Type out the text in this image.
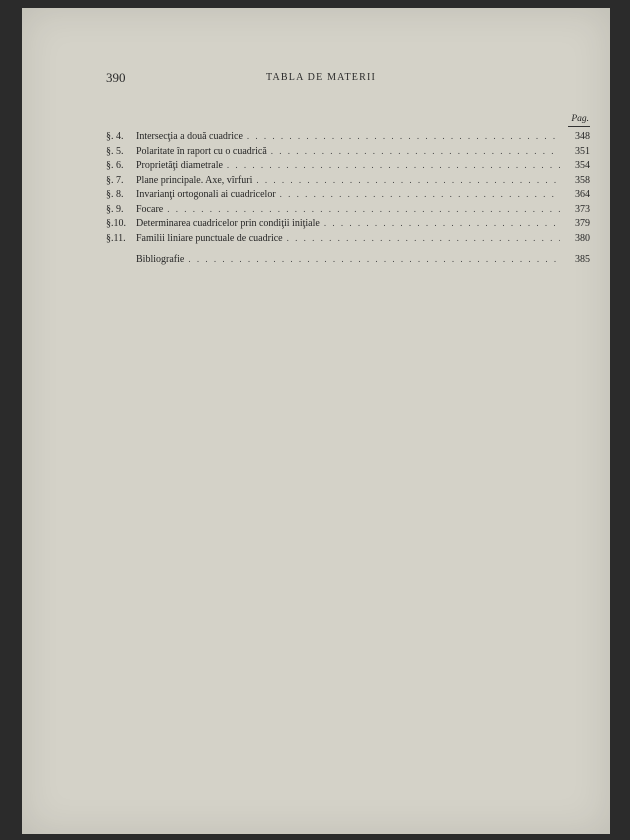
390	TABLA DE MATERII
Pag.
§. 4.	Intersecţia a două cuadrice . . .	348
§. 5.	Polaritate în raport cu o cuadrică . . .	351
§. 6.	Proprietăţi diametrale . . .	354
§. 7.	Plane principale. Axe, vîrfuri . . .	358
§. 8.	Invarianţi ortogonali ai cuadricelor . . .	364
§. 9.	Focare . . .	373
§.10.	Determinarea cuadricelor prin condiţii iniţiale . . .	379
§.11.	Familii liniare punctuale de cuadrice . . .	380
Bibliografie . . .	385
